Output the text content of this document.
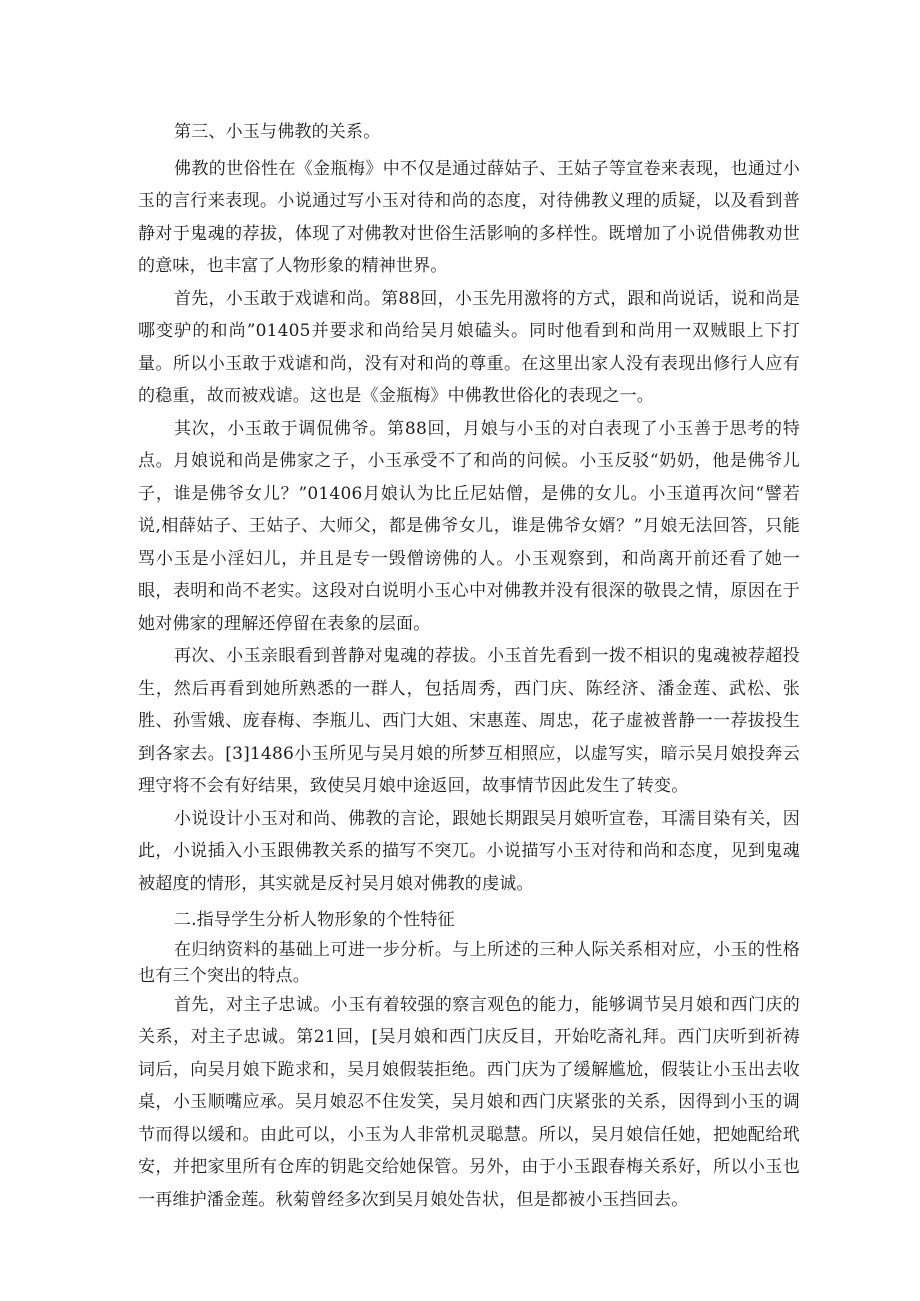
第三、小玉与佛教的关系。

佛教的世俗性在《金瓶梅》中不仅是通过薛姑子、王姑子等宣卷来表现，也通过小玉的言行来表现。小说通过写小玉对待和尚的态度，对待佛教义理的质疑，以及看到普静对于鬼魂的荐拔，体现了对佛教对世俗生活影响的多样性。既增加了小说借佛教劝世的意味，也丰富了人物形象的精神世界。

首先，小玉敢于戏谑和尚。第88回，小玉先用激将的方式，跟和尚说话，说和尚是哪变驴的和尚”01405并要求和尚给吴月娘磕头。同时他看到和尚用一双贼眼上下打量。所以小玉敢于戏谑和尚，没有对和尚的尊重。在这里出家人没有表现出修行人应有的稳重，故而被戏谑。这也是《金瓶梅》中佛教世俗化的表现之一。

其次，小玉敢于调侃佛爷。第88回，月娘与小玉的对白表现了小玉善于思考的特点。月娘说和尚是佛家之子，小玉承受不了和尚的问候。小玉反驳“奶奶，他是佛爷儿子，谁是佛爷女儿？”01406月娘认为比丘尼姑僧，是佛的女儿。小玉道再次问“譬若说,相薛姑子、王姑子、大师父，都是佛爷女儿，谁是佛爷女婿？”月娘无法回答，只能骂小玉是小淫妇儿，并且是专一毁僧谤佛的人。小玉观察到，和尚离开前还看了她一眼，表明和尚不老实。这段对白说明小玉心中对佛教并没有很深的敬畏之情，原因在于她对佛家的理解还停留在表象的层面。

再次、小玉亲眼看到普静对鬼魂的荐拔。小玉首先看到一拨不相识的鬼魂被荐超投生，然后再看到她所熟悉的一群人，包括周秀，西门庆、陈经济、潘金莲、武松、张胜、孙雪娥、庞春梅、李瓶儿、西门大姐、宋惠莲、周忠，花子虚被普静一一荐拔投生到各家去。[3]1486小玉所见与吴月娘的所梦互相照应，以虚写实，暗示吴月娘投奔云理守将不会有好结果，致使吴月娘中途返回，故事情节因此发生了转变。

小说设计小玉对和尚、佛教的言论，跟她长期跟吴月娘听宣卷，耳濡目染有关，因此，小说插入小玉跟佛教关系的描写不突兀。小说描写小玉对待和尚和态度，见到鬼魂被超度的情形，其实就是反衬吴月娘对佛教的虔诚。

二.指导学生分析人物形象的个性特征

在归纳资料的基础上可进一步分析。与上所述的三种人际关系相对应，小玉的性格也有三个突出的特点。

首先，对主子忠诚。小玉有着较强的察言观色的能力，能够调节吴月娘和西门庆的关系，对主子忠诚。第21回，[吴月娘和西门庆反目，开始吃斋礼拜。西门庆听到祈祷词后，向吴月娘下跪求和，吴月娘假装拒绝。西门庆为了缓解尴尬，假装让小玉出去收桌，小玉顺嘴应承。吴月娘忍不住发笑，吴月娘和西门庆紧张的关系，因得到小玉的调节而得以缓和。由此可以，小玉为人非常机灵聪慧。所以，吴月娘信任她，把她配给玳安，并把家里所有仓库的钥匙交给她保管。另外，由于小玉跟春梅关系好，所以小玉也一再维护潘金莲。秋菊曾经多次到吴月娘处告状，但是都被小玉挡回去。
